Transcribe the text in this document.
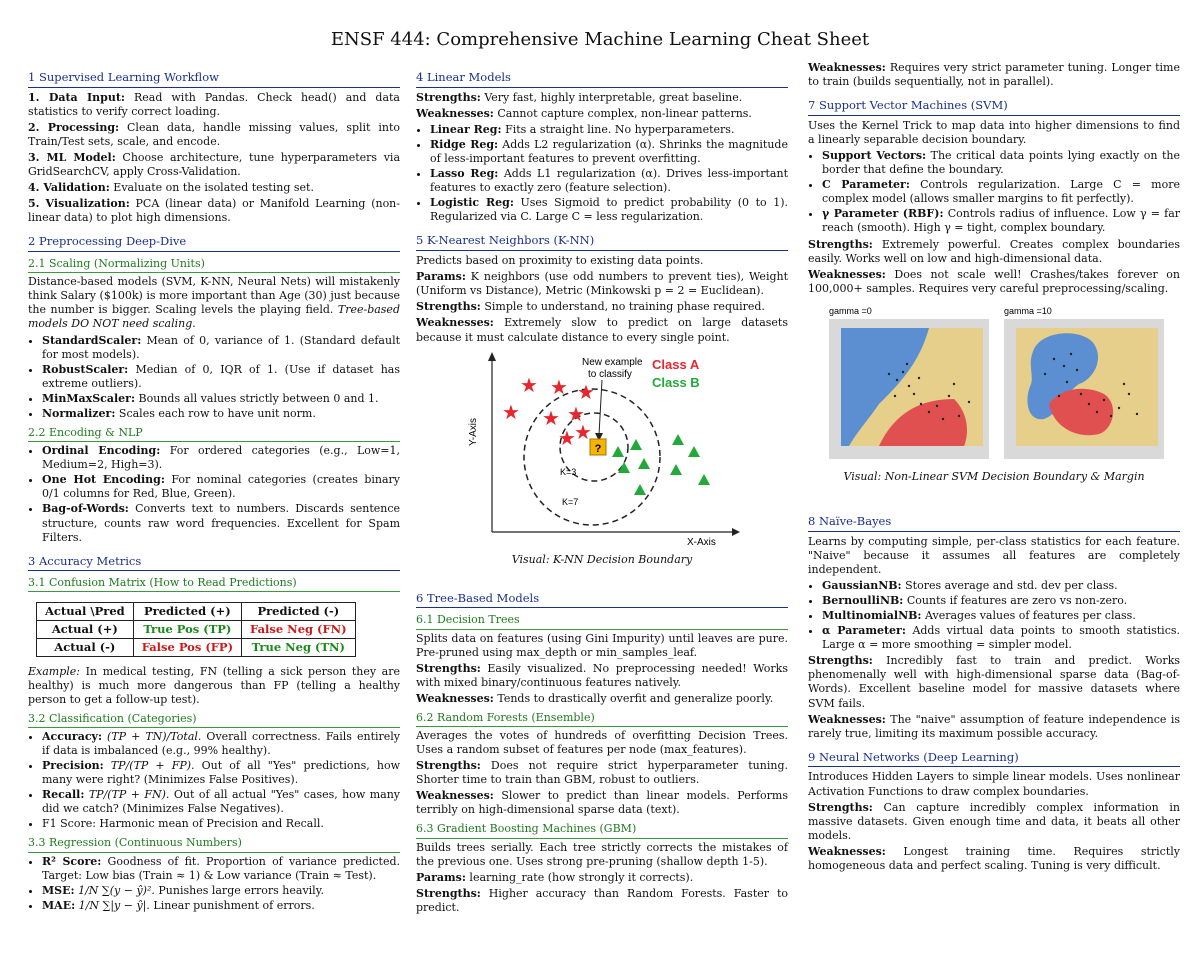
ENSF 444: Comprehensive Machine Learning Cheat Sheet
1 Supervised Learning Workflow

1. Data Input: Read with Pandas. Check head() and data statistics to verify correct loading.

2. Processing: Clean data, handle missing values, split into Train/Test sets, scale, and encode.

3. ML Model: Choose architecture, tune hyperparameters via GridSearchCV, apply Cross-Validation.

4. Validation: Evaluate on the isolated testing set.

5. Visualization: PCA (linear data) or Manifold Learning (non-linear data) to plot high dimensions.

2 Preprocessing Deep-Dive
2.1 Scaling (Normalizing Units)

Distance-based models (SVM, K-NN, Neural Nets) will mistakenly think Salary ($100k) is more important than Age (30) just because the number is bigger. Scaling levels the playing field. Tree-based models DO NOT need scaling.

• StandardScaler: Mean of 0, variance of 1. (Standard default for most models).
• RobustScaler: Median of 0, IQR of 1. (Use if dataset has extreme outliers).
• MinMaxScaler: Bounds all values strictly between 0 and 1.
• Normalizer: Scales each row to have unit norm.
2.2 Encoding & NLP
• Ordinal Encoding: For ordered categories (e.g., Low=1, Medium=2, High=3).
• One Hot Encoding: For nominal categories (creates binary 0/1 columns for Red, Blue, Green).
• Bag-of-Words: Converts text to numbers. Discards sentence structure, counts raw word frequencies. Excellent for Spam Filters.
3 Accuracy Metrics
3.1 Confusion Matrix (How to Read Predictions)
Actual \Pred	Predicted (+)	Predicted (-)
Actual (+)	True Pos (TP)	False Neg (FN)
Actual (-)	False Pos (FP)	True Neg (TN)

Example: In medical testing, FN (telling a sick person they are healthy) is much more dangerous than FP (telling a healthy person to get a follow-up test).

3.2 Classification (Categories)
• Accuracy: (TP + TN)/Total. Overall correctness. Fails entirely if data is imbalanced (e.g., 99% healthy).
• Precision: TP/(TP + FP). Out of all "Yes" predictions, how many were right? (Minimizes False Positives).
• Recall: TP/(TP + FN). Out of all actual "Yes" cases, how many did we catch? (Minimizes False Negatives).
• F1 Score: Harmonic mean of Precision and Recall.
3.3 Regression (Continuous Numbers)
• R² Score: Goodness of fit. Proportion of variance predicted. Target: Low bias (Train ≈ 1) & Low variance (Train ≈ Test).
• MSE: 1/N ∑(y − ŷ)². Punishes large errors heavily.
• MAE: 1/N ∑|y − ŷ|. Linear punishment of errors.
4 Linear Models

Strengths: Very fast, highly interpretable, great baseline.

Weaknesses: Cannot capture complex, non-linear patterns.

• Linear Reg: Fits a straight line. No hyperparameters.
• Ridge Reg: Adds L2 regularization (α). Shrinks the magnitude of less-important features to prevent overfitting.
• Lasso Reg: Adds L1 regularization (α). Drives less-important features to exactly zero (feature selection).
• Logistic Reg: Uses Sigmoid to predict probability (0 to 1). Regularized via C. Large C = less regularization.
5 K-Nearest Neighbors (K-NN)

Predicts based on proximity to existing data points.

Params: K neighbors (use odd numbers to prevent ties), Weight (Uniform vs Distance), Metric (Minkowski p = 2 = Euclidean).

Strengths: Simple to understand, no training phase required.

Weaknesses: Extremely slow to predict on large datasets because it must calculate distance to every single point.

Y-Axis
X-Axis
K=3
K=7
New example
to classify
Class A
Class B
?
★ ★ ★
★ ★ ★
★
★

Visual: K-NN Decision Boundary

6 Tree-Based Models
6.1 Decision Trees

Splits data on features (using Gini Impurity) until leaves are pure. Pre-pruned using max_depth or min_samples_leaf.

Strengths: Easily visualized. No preprocessing needed! Works with mixed binary/continuous features natively.

Weaknesses: Tends to drastically overfit and generalize poorly.

6.2 Random Forests (Ensemble)

Averages the votes of hundreds of overfitting Decision Trees. Uses a random subset of features per node (max_features).

Strengths: Does not require strict hyperparameter tuning. Shorter time to train than GBM, robust to outliers.

Weaknesses: Slower to predict than linear models. Performs terribly on high-dimensional sparse data (text).

6.3 Gradient Boosting Machines (GBM)

Builds trees serially. Each tree strictly corrects the mistakes of the previous one. Uses strong pre-pruning (shallow depth 1-5).

Params: learning_rate (how strongly it corrects).

Strengths: Higher accuracy than Random Forests. Faster to predict.

Weaknesses: Requires very strict parameter tuning. Longer time to train (builds sequentially, not in parallel).

7 Support Vector Machines (SVM)

Uses the Kernel Trick to map data into higher dimensions to find a linearly separable decision boundary.

• Support Vectors: The critical data points lying exactly on the border that define the boundary.
• C Parameter: Controls regularization. Large C = more complex model (allows smaller margins to fit perfectly).
• γ Parameter (RBF): Controls radius of influence. Low γ = far reach (smooth). High γ = tight, complex boundary.

Strengths: Extremely powerful. Creates complex boundaries easily. Works well on low and high-dimensional data.

Weaknesses: Does not scale well! Crashes/takes forever on 100,000+ samples. Requires very careful preprocessing/scaling.

gamma =0	gamma =10

Visual: Non-Linear SVM Decision Boundary & Margin

8 Naïve-Bayes

Learns by computing simple, per-class statistics for each feature. "Naive" because it assumes all features are completely independent.

• GaussianNB: Stores average and std. dev per class.
• BernoulliNB: Counts if features are zero vs non-zero.
• MultinomialNB: Averages values of features per class.
• α Parameter: Adds virtual data points to smooth statistics. Large α = more smoothing = simpler model.

Strengths: Incredibly fast to train and predict. Works phenomenally well with high-dimensional sparse data (Bag-of-Words). Excellent baseline model for massive datasets where SVM fails.

Weaknesses: The "naive" assumption of feature independence is rarely true, limiting its maximum possible accuracy.

9 Neural Networks (Deep Learning)

Introduces Hidden Layers to simple linear models. Uses nonlinear Activation Functions to draw complex boundaries.

Strengths: Can capture incredibly complex information in massive datasets. Given enough time and data, it beats all other models.

Weaknesses: Longest training time. Requires strictly homogeneous data and perfect scaling. Tuning is very difficult.
